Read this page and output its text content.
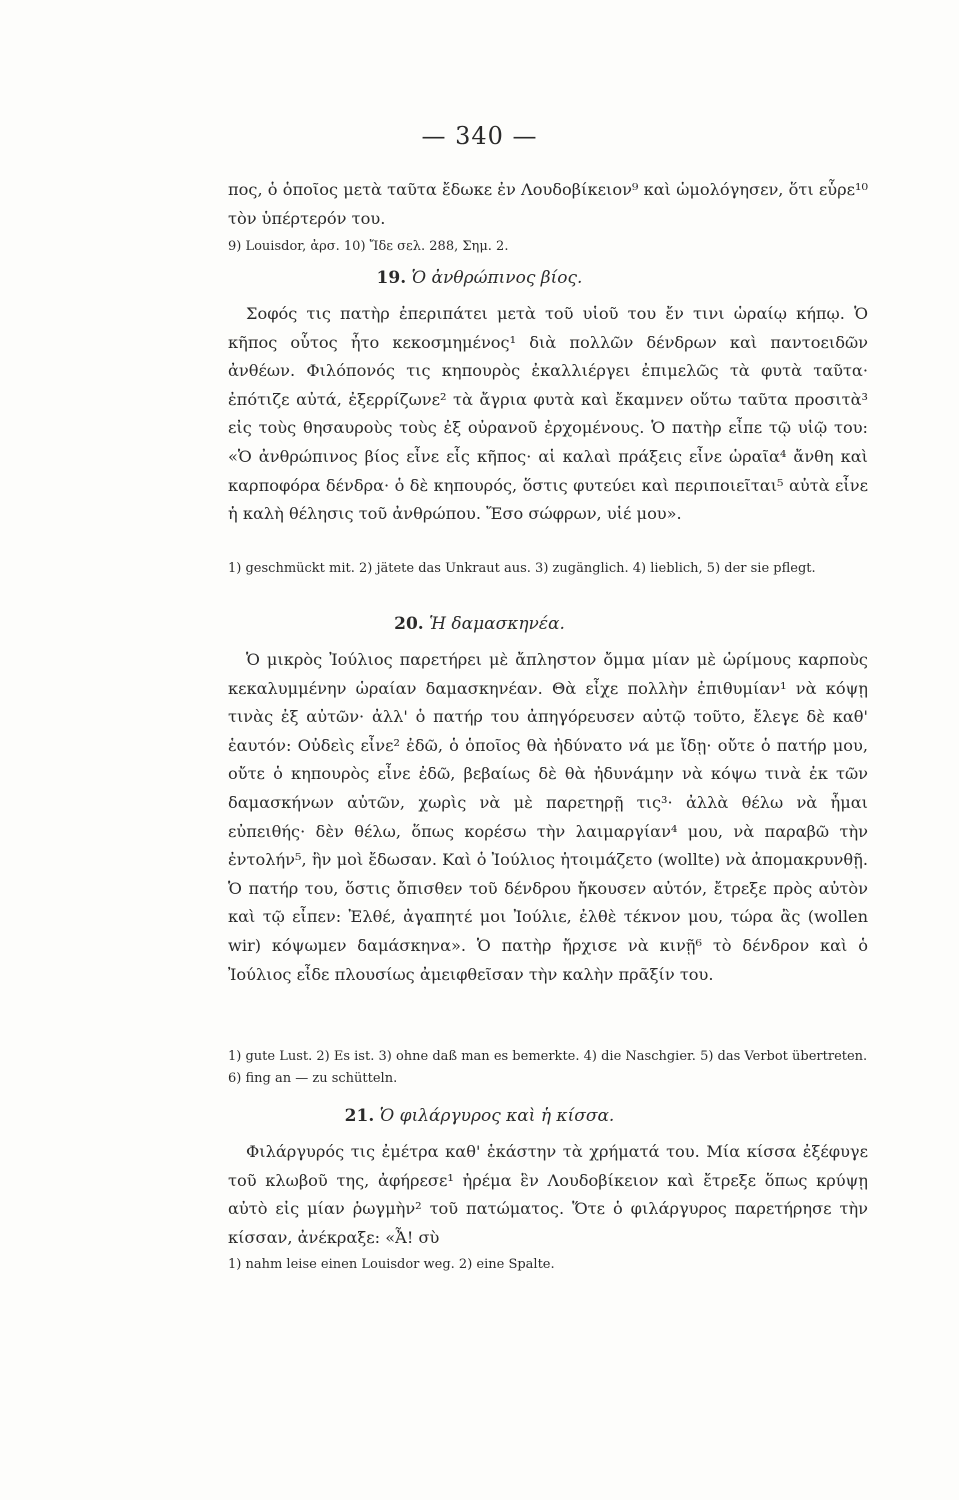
— 340 —

πος, ὁ ὁποῖος μετὰ ταῦτα ἔδωκε ἐν Λουδοβίκειον⁹ καὶ ὡμολόγησεν, ὅτι εὗρε¹⁰ τὸν ὑπέρτερόν του.

9) Louisdor, ἀρσ. 10) Ἴδε σελ. 288, Σημ. 2.
19. Ὁ ἀνθρώπινος βίος.

Σοφός τις πατὴρ ἐπεριπάτει μετὰ τοῦ υἱοῦ του ἔν τινι ὡραίῳ κήπῳ. Ὁ κῆπος οὗτος ἦτο κεκοσμημένος¹ διὰ πολλῶν δένδρων καὶ παντοειδῶν ἀνθέων. Φιλόπονός τις κηπουρὸς ἐκαλλιέργει ἐπιμελῶς τὰ φυτὰ ταῦτα· ἐπότιζε αὐτά, ἐξερρίζωνε² τὰ ἄγρια φυτὰ καὶ ἔκαμνεν οὕτω ταῦτα προσιτὰ³ εἰς τοὺς θησαυροὺς τοὺς ἐξ οὐρανοῦ ἐρχομένους. Ὁ πατὴρ εἶπε τῷ υἱῷ του: «Ὁ ἀνθρώπινος βίος εἶνε εἷς κῆπος· αἱ καλαὶ πράξεις εἶνε ὡραῖα⁴ ἄνθη καὶ καρποφόρα δένδρα· ὁ δὲ κηπουρός, ὅστις φυτεύει καὶ περιποιεῖται⁵ αὐτὰ εἶνε ἡ καλὴ θέλησις τοῦ ἀνθρώπου. Ἔσο σώφρων, υἱέ μου».

1) geschmückt mit. 2) jätete das Unkraut aus. 3) zugänglich. 4) lieblich, 5) der sie pflegt.
20. Ἡ δαμασκηνέα.

Ὁ μικρὸς Ἰούλιος παρετήρει μὲ ἄπληστον ὄμμα μίαν μὲ ὡρίμους καρποὺς κεκαλυμμένην ὡραίαν δαμασκηνέαν. Θὰ εἶχε πολλὴν ἐπιθυμίαν¹ νὰ κόψῃ τινὰς ἐξ αὐτῶν· ἀλλ' ὁ πατήρ του ἀπηγόρευσεν αὐτῷ τοῦτο, ἔλεγε δὲ καθ' ἑαυτόν: Οὐδεὶς εἶνε² ἐδῶ, ὁ ὁποῖος θὰ ἠδύνατο νά με ἴδῃ· οὔτε ὁ πατήρ μου, οὔτε ὁ κηπουρὸς εἶνε ἐδῶ, βεβαίως δὲ θὰ ἠδυνάμην νὰ κόψω τινὰ ἐκ τῶν δαμασκήνων αὐτῶν, χωρὶς νὰ μὲ παρετηρῇ τις³· ἀλλὰ θέλω νὰ ἦμαι εὐπειθής· δὲν θέλω, ὅπως κορέσω τὴν λαιμαργίαν⁴ μου, νὰ παραβῶ τὴν ἐντολήν⁵, ἣν μοὶ ἔδωσαν. Καὶ ὁ Ἰούλιος ἡτοιμάζετο (wollte) νὰ ἀπομακρυνθῇ. Ὁ πατήρ του, ὅστις ὄπισθεν τοῦ δένδρου ἤκουσεν αὐτόν, ἔτρεξε πρὸς αὐτὸν καὶ τῷ εἶπεν: Ἐλθέ, ἀγαπητέ μοι Ἰούλιε, ἐλθὲ τέκνον μου, τώρα ἂς (wollen wir) κόψωμεν δαμάσκηνα». Ὁ πατὴρ ἤρχισε νὰ κινῇ⁶ τὸ δένδρον καὶ ὁ Ἰούλιος εἶδε πλουσίως ἀμειφθεῖσαν τὴν καλὴν πρᾶξίν του.

1) gute Lust. 2) Es ist. 3) ohne daß man es bemerkte. 4) die Naschgier. 5) das Verbot übertreten. 6) fing an — zu schütteln.
21. Ὁ φιλάργυρος καὶ ἡ κίσσα.

Φιλάργυρός τις ἐμέτρα καθ' ἑκάστην τὰ χρήματά του. Μία κίσσα ἐξέφυγε τοῦ κλωβοῦ της, ἀφήρεσε¹ ἠρέμα ἓν Λουδοβίκειον καὶ ἔτρεξε ὅπως κρύψῃ αὐτὸ εἰς μίαν ῥωγμὴν² τοῦ πατώματος. Ὅτε ὁ φιλάργυρος παρετήρησε τὴν κίσσαν, ἀνέκραξε: «Ἆ! σὺ

1) nahm leise einen Louisdor weg. 2) eine Spalte.
